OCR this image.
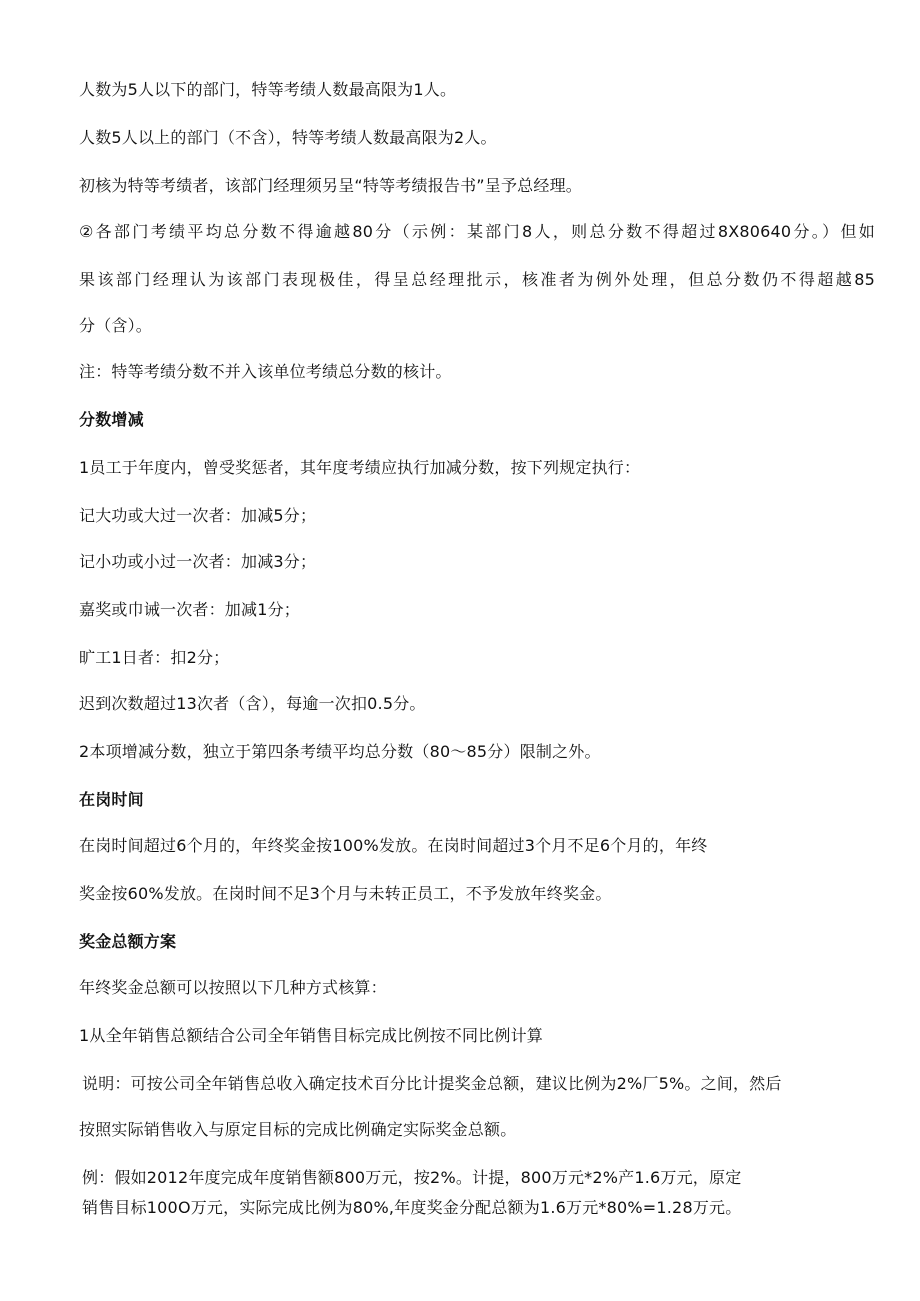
人数为5人以下的部门，特等考绩人数最高限为1人。
人数5人以上的部门（不含），特等考绩人数最高限为2人。
初核为特等考绩者，该部门经理须另呈“特等考绩报告书”呈予总经理。
②各部门考绩平均总分数不得逾越80分（示例：某部门8人，则总分数不得超过8X80640分。）但如
果该部门经理认为该部门表现极佳，得呈总经理批示，核准者为例外处理，但总分数仍不得超越85
分（含）。
注：特等考绩分数不并入该单位考绩总分数的核计。
分数增减
1员工于年度内，曾受奖惩者，其年度考绩应执行加减分数，按下列规定执行：
记大功或大过一次者：加减5分；
记小功或小过一次者：加减3分；
嘉奖或巾诫一次者：加减1分；
旷工1日者：扣2分；
迟到次数超过13次者（含），每逾一次扣0.5分。
2本项增减分数，独立于第四条考绩平均总分数（80〜85分）限制之外。
在岗时间
在岗时间超过6个月的，年终奖金按100%发放。在岗时间超过3个月不足6个月的，年终
奖金按60%发放。在岗时间不足3个月与未转正员工，不予发放年终奖金。
奖金总额方案
年终奖金总额可以按照以下几种方式核算：
1从全年销售总额结合公司全年销售目标完成比例按不同比例计算
说明：可按公司全年销售总收入确定技术百分比计提奖金总额，建议比例为2%厂5%。之间，然后
按照实际销售收入与原定目标的完成比例确定实际奖金总额。
例：假如2012年度完成年度销售额800万元，按2%。计提，800万元*2%产1.6万元，原定
销售目标100O万元，实际完成比例为80%,年度奖金分配总额为1.6万元*80%=1.28万元。
